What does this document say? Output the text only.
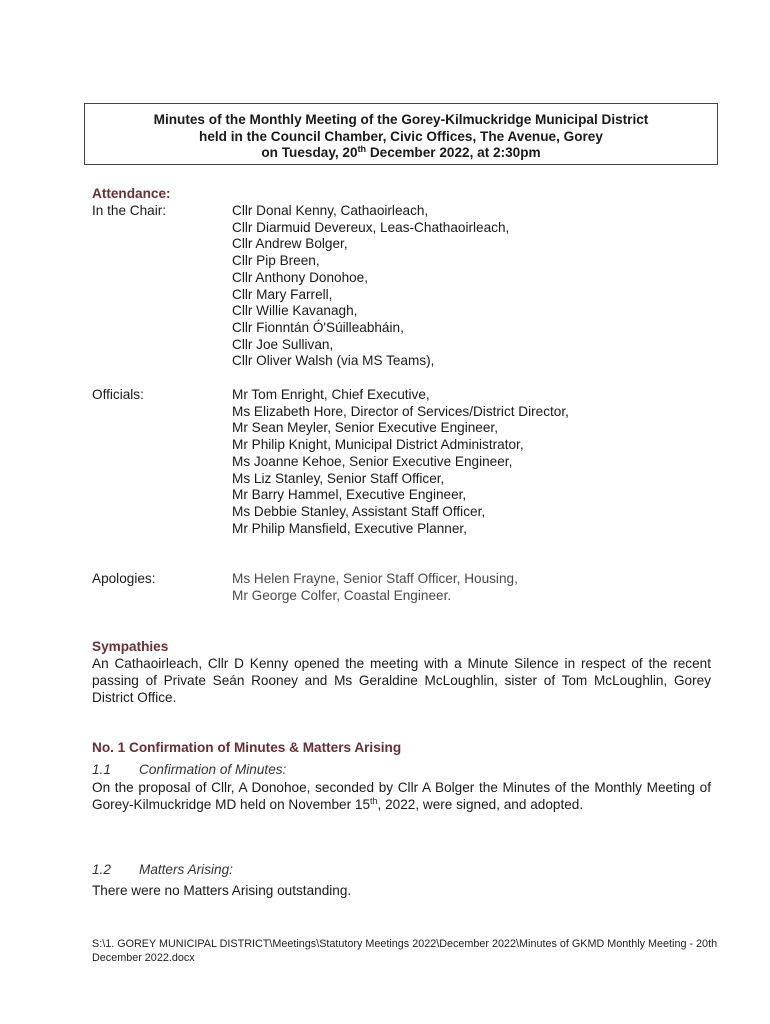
Minutes of the Monthly Meeting of the Gorey-Kilmuckridge Municipal District
held in the Council Chamber, Civic Offices, The Avenue, Gorey
on Tuesday, 20th December 2022, at 2:30pm
Attendance:
In the Chair:	Cllr Donal Kenny, Cathaoirleach,
Cllr Diarmuid Devereux, Leas-Chathaoirleach,
Cllr Andrew Bolger,
Cllr Pip Breen,
Cllr Anthony Donohoe,
Cllr Mary Farrell,
Cllr Willie Kavanagh,
Cllr Fionntán Ó'Súilleabháin,
Cllr Joe Sullivan,
Cllr Oliver Walsh (via MS Teams),
Officials:	Mr Tom Enright, Chief Executive,
Ms Elizabeth Hore, Director of Services/District Director,
Mr Sean Meyler, Senior Executive Engineer,
Mr Philip Knight, Municipal District Administrator,
Ms Joanne Kehoe, Senior Executive Engineer,
Ms Liz Stanley, Senior Staff Officer,
Mr Barry Hammel, Executive Engineer,
Ms Debbie Stanley, Assistant Staff Officer,
Mr Philip Mansfield, Executive Planner,
Apologies:	Ms Helen Frayne, Senior Staff Officer, Housing,
Mr George Colfer, Coastal Engineer.
Sympathies

An Cathaoirleach, Cllr D Kenny opened the meeting with a Minute Silence in respect of the recent passing of Private Seán Rooney and Ms Geraldine McLoughlin, sister of Tom McLoughlin, Gorey District Office.

No. 1 Confirmation of Minutes & Matters Arising
1.1 Confirmation of Minutes:

On the proposal of Cllr, A Donohoe, seconded by Cllr A Bolger the Minutes of the Monthly Meeting of Gorey-Kilmuckridge MD held on November 15th, 2022, were signed, and adopted.

1.2 Matters Arising:
There were no Matters Arising outstanding.
S:\1. GOREY MUNICIPAL DISTRICT\Meetings\Statutory Meetings 2022\December 2022\Minutes of GKMD Monthly Meeting - 20th December 2022.docx
